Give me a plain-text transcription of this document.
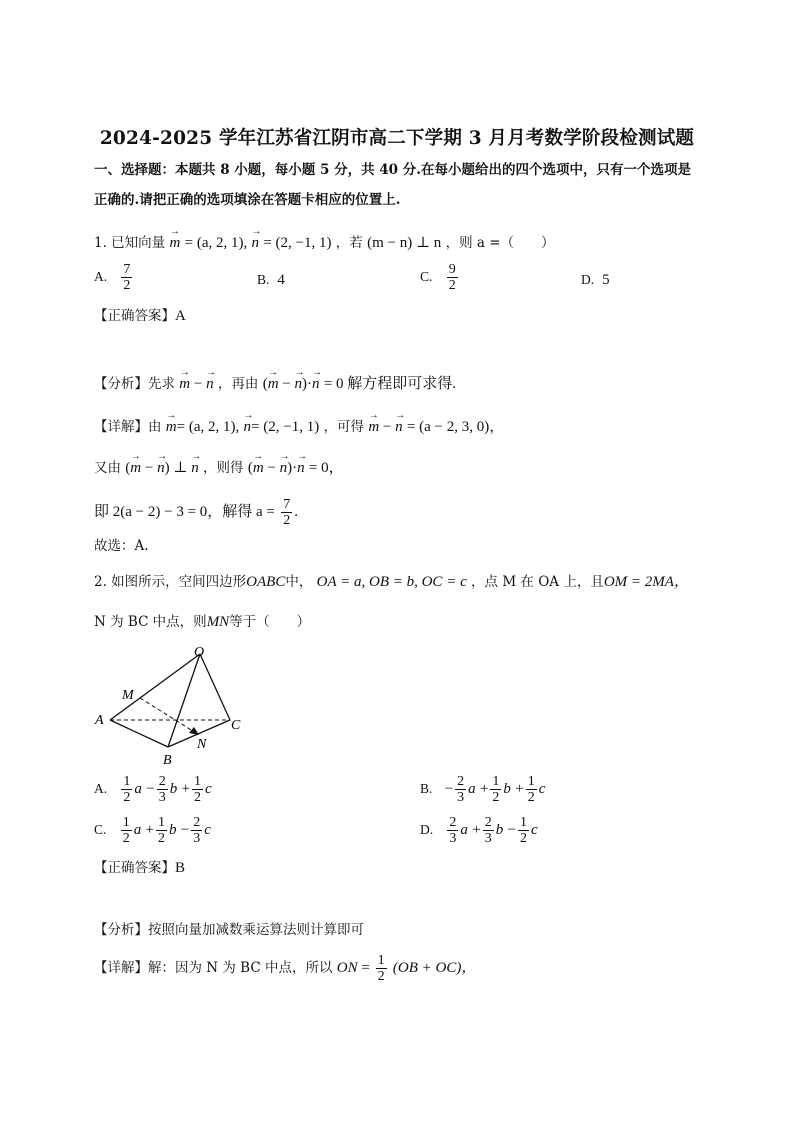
2024-2025 学年江苏省江阴市高二下学期 3 月月考数学阶段检测试题
一、选择题：本题共 8 小题，每小题 5 分，共 40 分.在每小题给出的四个选项中，只有一个选项是
正确的.请把正确的选项填涂在答题卡相应的位置上.
1. 已知向量 → m = (a, 2, 1), → n = (2, −1, 1) ，若 (m − n) ⊥ n ，则 a =（　　）
A. $\frac{7}{2}$	B. 4	C. $\frac{9}{2}$	D. 5
【正确答案】A
【分析】先求 → m − → n ，再由 (→ m − → n)·→ n = 0 解方程即可求得.
【详解】由 → m= (a, 2, 1), → n= (2, −1, 1) ，可得 → m − → n = (a − 2, 3, 0)，
又由 (→ m − → n) ⊥ → n ，则得 (→ m − → n)·→ n = 0，
即 2(a − 2) − 3 = 0，解得 $a = \frac{7}{2}$ .
故选：A.
2. 如图所示，空间四边形OABC中， OA = a, OB = b, OC = c ，点 M 在 OA 上，且OM = 2MA，
N 为 BC 中点，则MN等于（　　）
O
M
A	C
N
B
A. $\frac{1}{2}$ $a - \frac{2}{3}$ $b + \frac{1}{2}$ c	B. − $\frac{2}{3}$ $a + \frac{1}{2}$ $b + \frac{1}{2}$ c
C. $\frac{1}{2}$ $a + \frac{1}{2}$ $b - \frac{2}{3}$ c	D. $\frac{2}{3}$ $a + \frac{2}{3}$ $b - \frac{1}{2}$ c
【正确答案】B
【分析】按照向量加减数乘运算法则计算即可
【详解】解：因为 N 为 BC 中点，所以 ON = $\frac{1}{2} (OB + OC)$，
